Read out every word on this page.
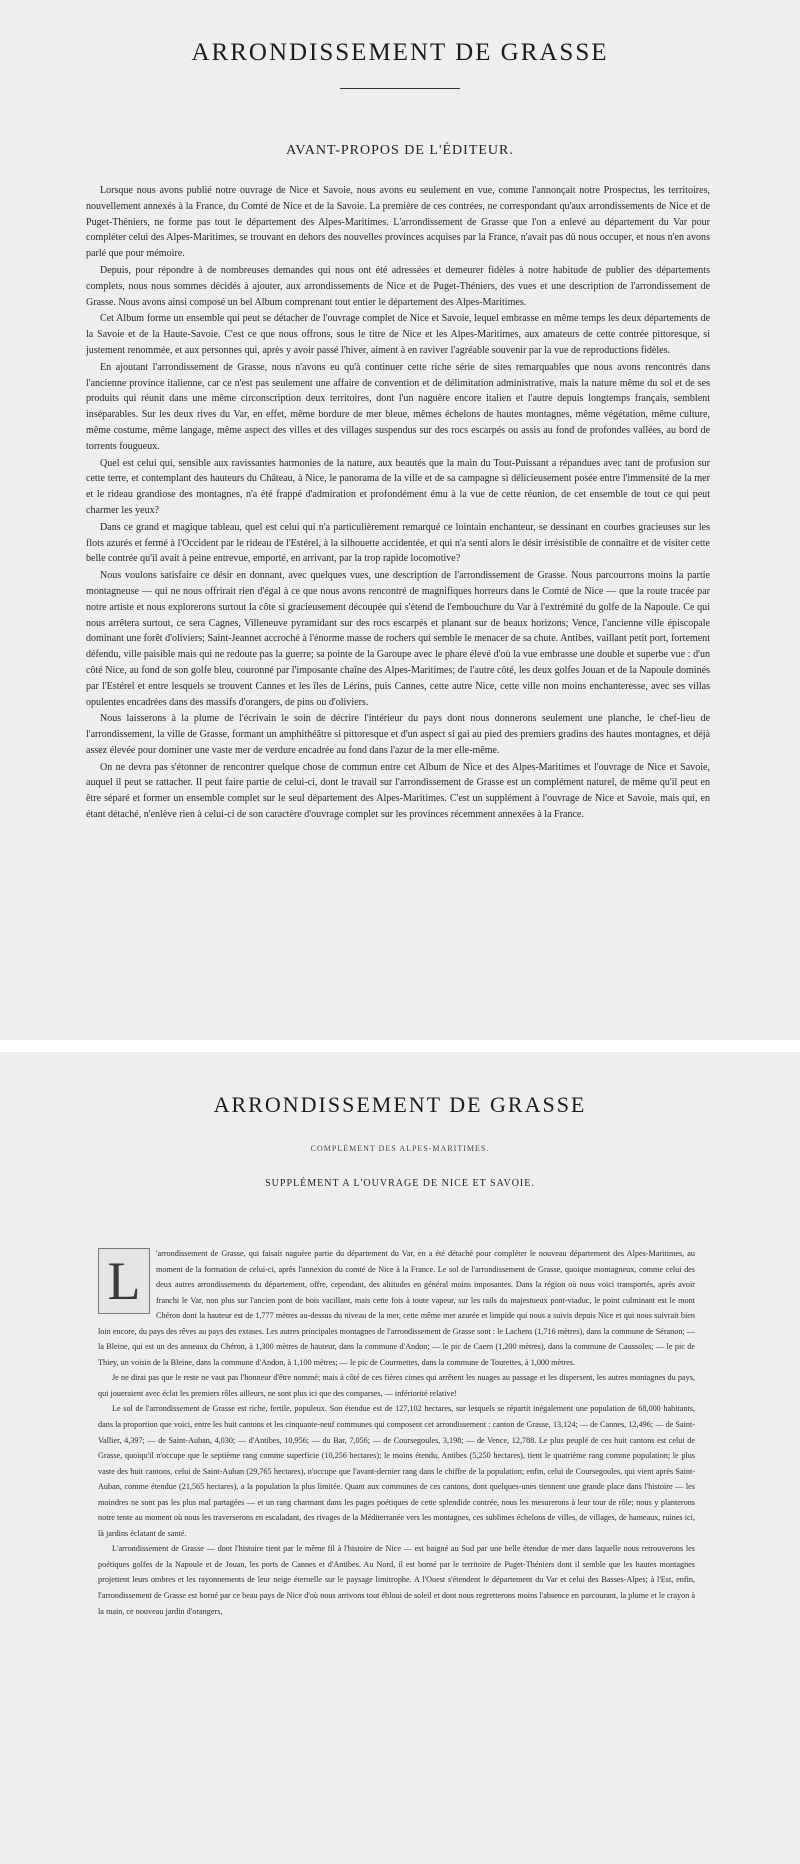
ARRONDISSEMENT DE GRASSE
AVANT-PROPOS DE L'ÉDITEUR.

Lorsque nous avons publié notre ouvrage de Nice et Savoie, nous avons eu seulement en vue, comme l'annonçait notre Prospectus, les territoires, nouvellement annexés à la France, du Comté de Nice et de la Savoie. La première de ces contrées, ne correspondant qu'aux arrondissements de Nice et de Puget-Théniers, ne forme pas tout le département des Alpes-Maritimes. L'arrondissement de Grasse que l'on a enlevé au département du Var pour compléter celui des Alpes-Maritimes, se trouvant en dehors des nouvelles provinces acquises par la France, n'avait pas dû nous occuper, et nous n'en avons parlé que pour mémoire.

Depuis, pour répondre à de nombreuses demandes qui nous ont été adressées et demeurer fidèles à notre habitude de publier des départements complets, nous nous sommes décidés à ajouter, aux arrondissements de Nice et de Puget-Théniers, des vues et une description de l'arrondissement de Grasse. Nous avons ainsi composé un bel Album comprenant tout entier le département des Alpes-Maritimes.

Cet Album forme un ensemble qui peut se détacher de l'ouvrage complet de Nice et Savoie, lequel embrasse en même temps les deux départements de la Savoie et de la Haute-Savoie. C'est ce que nous offrons, sous le titre de Nice et les Alpes-Maritimes, aux amateurs de cette contrée pittoresque, si justement renommée, et aux personnes qui, après y avoir passé l'hiver, aiment à en raviver l'agréable souvenir par la vue de reproductions fidèles.

En ajoutant l'arrondissement de Grasse, nous n'avons eu qu'à continuer cette riche série de sites remarquables que nous avons rencontrés dans l'ancienne province italienne, car ce n'est pas seulement une affaire de convention et de délimitation administrative, mais la nature même du sol et de ses produits qui réunit dans une même circonscription deux territoires, dont l'un naguère encore italien et l'autre depuis longtemps français, semblent inséparables. Sur les deux rives du Var, en effet, même bordure de mer bleue, mêmes échelons de hautes montagnes, même végétation, même culture, même costume, même langage, même aspect des villes et des villages suspendus sur des rocs escarpés ou assis au fond de profondes vallées, au bord de torrents fougueux.

Quel est celui qui, sensible aux ravissantes harmonies de la nature, aux beautés que la main du Tout-Puissant a répandues avec tant de profusion sur cette terre, et contemplant des hauteurs du Château, à Nice, le panorama de la ville et de sa campagne si délicieusement posée entre l'immensité de la mer et le rideau grandiose des montagnes, n'a été frappé d'admiration et profondément ému à la vue de cette réunion, de cet ensemble de tout ce qui peut charmer les yeux?

Dans ce grand et magique tableau, quel est celui qui n'a particulièrement remarqué ce lointain enchanteur, se dessinant en courbes gracieuses sur les flots azurés et fermé à l'Occident par le rideau de l'Estérel, à la silhouette accidentée, et qui n'a senti alors le désir irrésistible de connaître et de visiter cette belle contrée qu'il avait à peine entrevue, emporté, en arrivant, par la trop rapide locomotive?

Nous voulons satisfaire ce désir en donnant, avec quelques vues, une description de l'arrondissement de Grasse. Nous parcourrons moins la partie montagneuse — qui ne nous offrirait rien d'égal à ce que nous avons rencontré de magnifiques horreurs dans le Comté de Nice — que la route tracée par notre artiste et nous explorerons surtout la côte si gracieusement découpée qui s'étend de l'embouchure du Var à l'extrémité du golfe de la Napoule. Ce qui nous arrêtera surtout, ce sera Cagnes, Villeneuve pyramidant sur des rocs escarpés et planant sur de beaux horizons; Vence, l'ancienne ville épiscopale dominant une forêt d'oliviers; Saint-Jeannet accroché à l'énorme masse de rochers qui semble le menacer de sa chute. Antibes, vaillant petit port, fortement défendu, ville paisible mais qui ne redoute pas la guerre; sa pointe de la Garoupe avec le phare élevé d'où la vue embrasse une double et superbe vue : d'un côté Nice, au fond de son golfe bleu, couronné par l'imposante chaîne des Alpes-Maritimes; de l'autre côté, les deux golfes Jouan et de la Napoule dominés par l'Estérel et entre lesquels se trouvent Cannes et les îles de Lérins, puis Cannes, cette autre Nice, cette ville non moins enchanteresse, avec ses villas opulentes encadrées dans des massifs d'orangers, de pins ou d'oliviers.

Nous laisserons à la plume de l'écrivain le soin de décrire l'intérieur du pays dont nous donnerons seulement une planche, le chef-lieu de l'arrondissement, la ville de Grasse, formant un amphithéâtre si pittoresque et d'un aspect si gai au pied des premiers gradins des hautes montagnes, et déjà assez élevée pour dominer une vaste mer de verdure encadrée au fond dans l'azur de la mer elle-même.

On ne devra pas s'étonner de rencontrer quelque chose de commun entre cet Album de Nice et des Alpes-Maritimes et l'ouvrage de Nice et Savoie, auquel il peut se rattacher. Il peut faire partie de celui-ci, dont le travail sur l'arrondissement de Grasse est un complément naturel, de même qu'il peut en être séparé et former un ensemble complet sur le seul département des Alpes-Maritimes. C'est un supplément à l'ouvrage de Nice et Savoie, mais qui, en étant détaché, n'enlève rien à celui-ci de son caractère d'ouvrage complet sur les provinces récemment annexées à la France.

ARRONDISSEMENT DE GRASSE
COMPLÉMENT DES ALPES-MARITIMES.
SUPPLÉMENT A L'OUVRAGE DE NICE ET SAVOIE.
L	'arrondissement de Grasse, qui faisait naguère partie du département du Var, en a été détaché pour compléter le nouveau département des Alpes-Maritimes, au moment de la formation de celui-ci, après l'annexion du comté de Nice à la France. Le sol de l'arrondissement de Grasse, quoique montagneux, comme celui des deux autres arrondissements du département, offre, cependant, des altitudes en général moins imposantes. Dans la région où nous voici transportés, après avoir franchi le Var, non plus sur l'ancien pont de bois vacillant, mais cette fois à toute vapeur, sur les rails du majestueux pont-viaduc, le point culminant est le mont Chéron dont la hauteur est de 1,777 mètres au-dessus du niveau de la mer, cette même mer azurée et limpide qui nous a suivis depuis Nice et qui nous suivrait bien loin encore, du pays des rêves au pays des extases. Les autres principales montagnes de l'arrondissement de Grasse sont : le Lachens (1,716 mètres), dans la commune de Séranon; — la Bleine, qui est un des anneaux du Chéron, à 1,300 mètres de hauteur, dans la commune d'Andon; — le pic de Caern (1,200 mètres), dans la commune de Caussoles; — le pic de Thiey, un voisin de la Bleine, dans la commune d'Andon, à 1,100 mètres; — le pic de Courmettes, dans la commune de Tourettes, à 1,000 mètres.

Je ne dirai pas que le reste ne vaut pas l'honneur d'être nommé; mais à côté de ces fières cimes qui arrêtent les nuages au passage et les dispersent, les autres montagnes du pays, qui joueraient avec éclat les premiers rôles ailleurs, ne sont plus ici que des comparses, — infériorité relative!

Le sol de l'arrondissement de Grasse est riche, fertile, populeux. Son étendue est de 127,102 hectares, sur lesquels se répartit inégalement une population de 68,000 habitants, dans la proportion que voici, entre les huit cantons et les cinquante-neuf communes qui composent cet arrondissement : canton de Grasse, 13,124; — de Cannes, 12,496; — de Saint-Vallier, 4,397; — de Saint-Auban, 4,030; — d'Antibes, 10,956; — du Bar, 7,056; — de Coursegoules, 3,198; — de Vence, 12,788. Le plus peuplé de ces huit cantons est celui de Grasse, quoiqu'il n'occupe que le septième rang comme superficie (10,256 hectares); le moins étendu, Antibes (5,250 hectares), tient le quatrième rang comme population; le plus vaste des huit cantons, celui de Saint-Auban (29,765 hectares), n'occupe que l'avant-dernier rang dans le chiffre de la population; enfin, celui de Coursegoules, qui vient après Saint-Auban, comme étendue (21,565 hectares), a la population la plus limitée. Quant aux communes de ces cantons, dont quelques-unes tiennent une grande place dans l'histoire — les moindres ne sont pas les plus mal partagées — et un rang charmant dans les pages poétiques de cette splendide contrée, nous les mesurerons à leur tour de rôle; nous y planterons notre tente au moment où nous les traverserons en escaladant, des rivages de la Méditerranée vers les montagnes, ces sublimes échelons de villes, de villages, de hameaux, ruines ici, là jardins éclatant de santé.

L'arrondissement de Grasse — dont l'histoire tient par le même fil à l'histoire de Nice — est baigné au Sud par une belle étendue de mer dans laquelle nous retrouverons les poétiques golfes de la Napoule et de Jouan, les ports de Cannes et d'Antibes. Au Nord, il est borné par le territoire de Puget-Théniers dont il semble que les hautes montagnes projettent leurs ombres et les rayonnements de leur neige éternelle sur le paysage limitrophe. A l'Ouest s'étendent le département du Var et celui des Basses-Alpes; à l'Est, enfin, l'arrondissement de Grasse est borné par ce beau pays de Nice d'où nous arrivons tout ébloui de soleil et dont nous regretterons moins l'absence en parcourant, la plume et le crayon à la main, ce nouveau jardin d'orangers,
